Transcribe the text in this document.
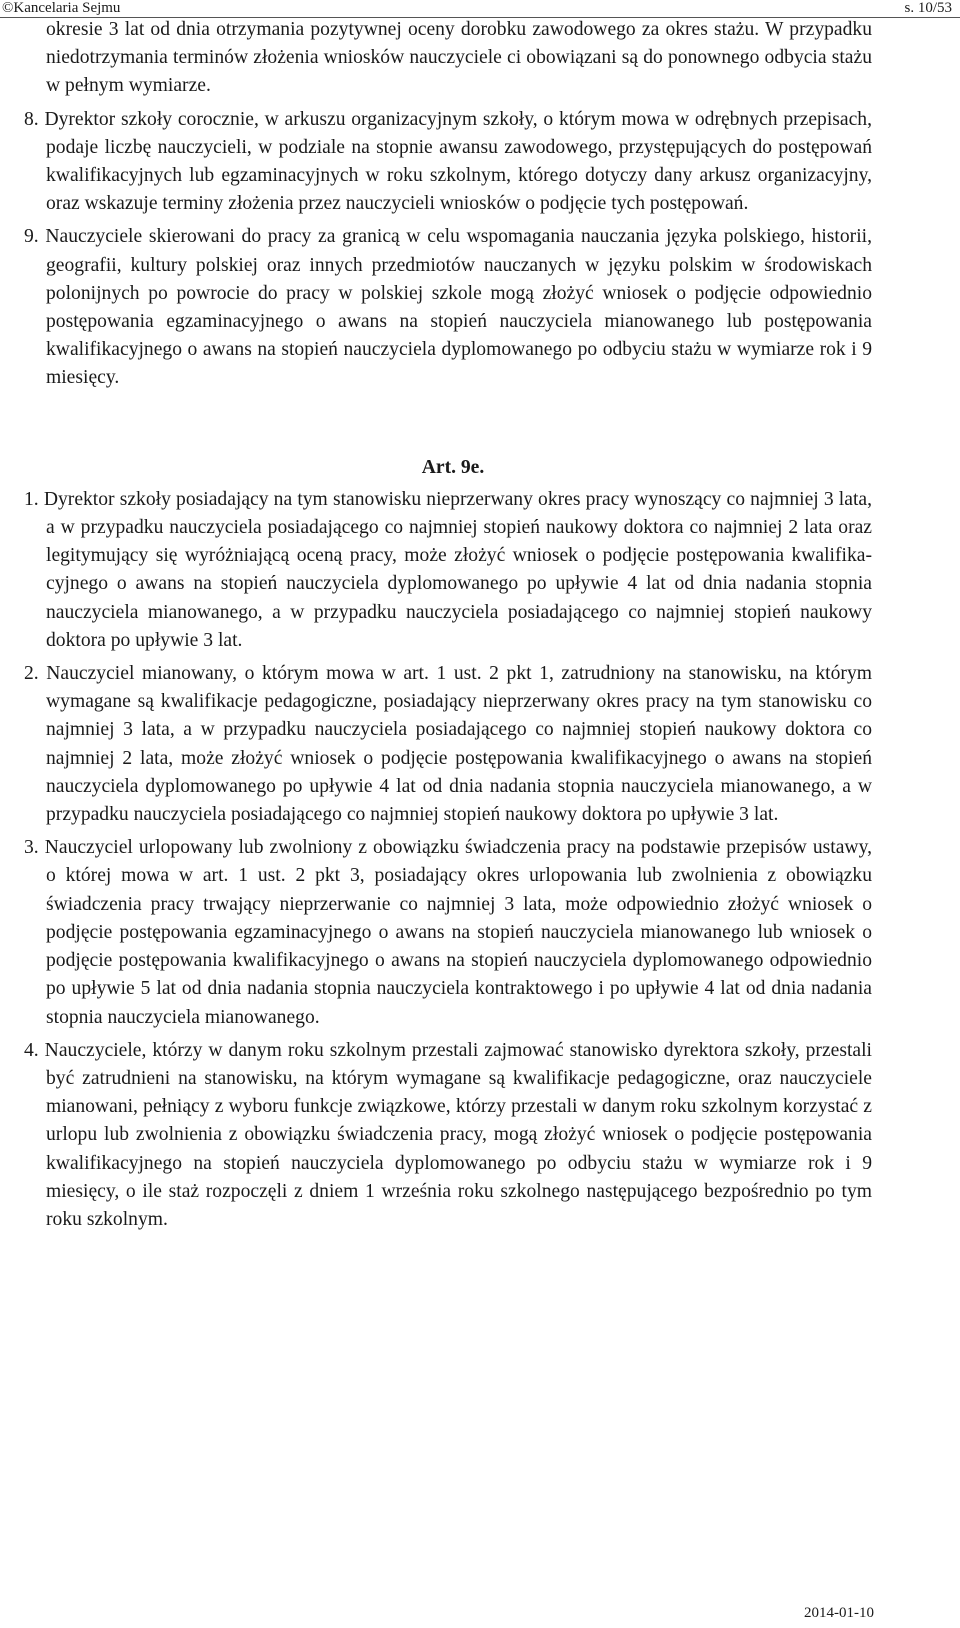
©Kancelaria Sejmu	s. 10/53

okresie 3 lat od dnia otrzymania pozytywnej oceny dorobku zawodowego za okres stażu. W przypadku niedotrzymania terminów złożenia wniosków nauczyciele ci obowiązani są do ponownego odbycia stażu w pełnym wymiarze.

8. Dyrektor szkoły corocznie, w arkuszu organizacyjnym szkoły, o którym mowa w odrębnych przepisach, podaje liczbę nauczycieli, w podziale na stopnie awansu zawodowego, przystępujących do postępowań kwalifikacyjnych lub egzaminacyjnych w roku szkolnym, którego dotyczy dany arkusz organizacyjny, oraz wskazuje terminy złożenia przez nauczycieli wniosków o podjęcie tych postępowań.

9. Nauczyciele skierowani do pracy za granicą w celu wspomagania nauczania języka polskiego, historii, geografii, kultury polskiej oraz innych przedmiotów nauczanych w języku polskim w środowiskach polonijnych po powrocie do pracy w polskiej szkole mogą złożyć wniosek o podjęcie odpowiednio postępowania egzaminacyjnego o awans na stopień nauczyciela mianowanego lub postępowania kwalifikacyjnego o awans na stopień nauczyciela dyplomowanego po odbyciu stażu w wymiarze rok i 9 miesięcy.

Art. 9e.

1. Dyrektor szkoły posiadający na tym stanowisku nieprzerwany okres pracy wynoszący co najmniej 3 lata, a w przypadku nauczyciela posiadającego co najmniej stopień naukowy doktora co najmniej 2 lata oraz legitymujący się wyróżniającą oceną pracy, może złożyć wniosek o podjęcie postępowania kwalifikacyjnego o awans na stopień nauczyciela dyplomowanego po upływie 4 lat od dnia nadania stopnia nauczyciela mianowanego, a w przypadku nauczyciela posiadającego co najmniej stopień naukowy doktora po upływie 3 lat.

2. Nauczyciel mianowany, o którym mowa w art. 1 ust. 2 pkt 1, zatrudniony na stanowisku, na którym wymagane są kwalifikacje pedagogiczne, posiadający nieprzerwany okres pracy na tym stanowisku co najmniej 3 lata, a w przypadku nauczyciela posiadającego co najmniej stopień naukowy doktora co najmniej 2 lata, może złożyć wniosek o podjęcie postępowania kwalifikacyjnego o awans na stopień nauczyciela dyplomowanego po upływie 4 lat od dnia nadania stopnia nauczyciela mianowanego, a w przypadku nauczyciela posiadającego co najmniej stopień naukowy doktora po upływie 3 lat.

3. Nauczyciel urlopowany lub zwolniony z obowiązku świadczenia pracy na podstawie przepisów ustawy, o której mowa w art. 1 ust. 2 pkt 3, posiadający okres urlopowania lub zwolnienia z obowiązku świadczenia pracy trwający nieprzerwanie co najmniej 3 lata, może odpowiednio złożyć wniosek o podjęcie postępowania egzaminacyjnego o awans na stopień nauczyciela mianowanego lub wniosek o podjęcie postępowania kwalifikacyjnego o awans na stopień nauczyciela dyplomowanego odpowiednio po upływie 5 lat od dnia nadania stopnia nauczyciela kontraktowego i po upływie 4 lat od dnia nadania stopnia nauczyciela mianowanego.

4. Nauczyciele, którzy w danym roku szkolnym przestali zajmować stanowisko dyrektora szkoły, przestali być zatrudnieni na stanowisku, na którym wymagane są kwalifikacje pedagogiczne, oraz nauczyciele mianowani, pełniący z wyboru funkcje związkowe, którzy przestali w danym roku szkolnym korzystać z urlopu lub zwolnienia z obowiązku świadczenia pracy, mogą złożyć wniosek o podjęcie postępowania kwalifikacyjnego na stopień nauczyciela dyplomowanego po odbyciu stażu w wymiarze rok i 9 miesięcy, o ile staż rozpoczęli z dniem 1 września roku szkolnego następującego bezpośrednio po tym roku szkolnym.

2014-01-10
